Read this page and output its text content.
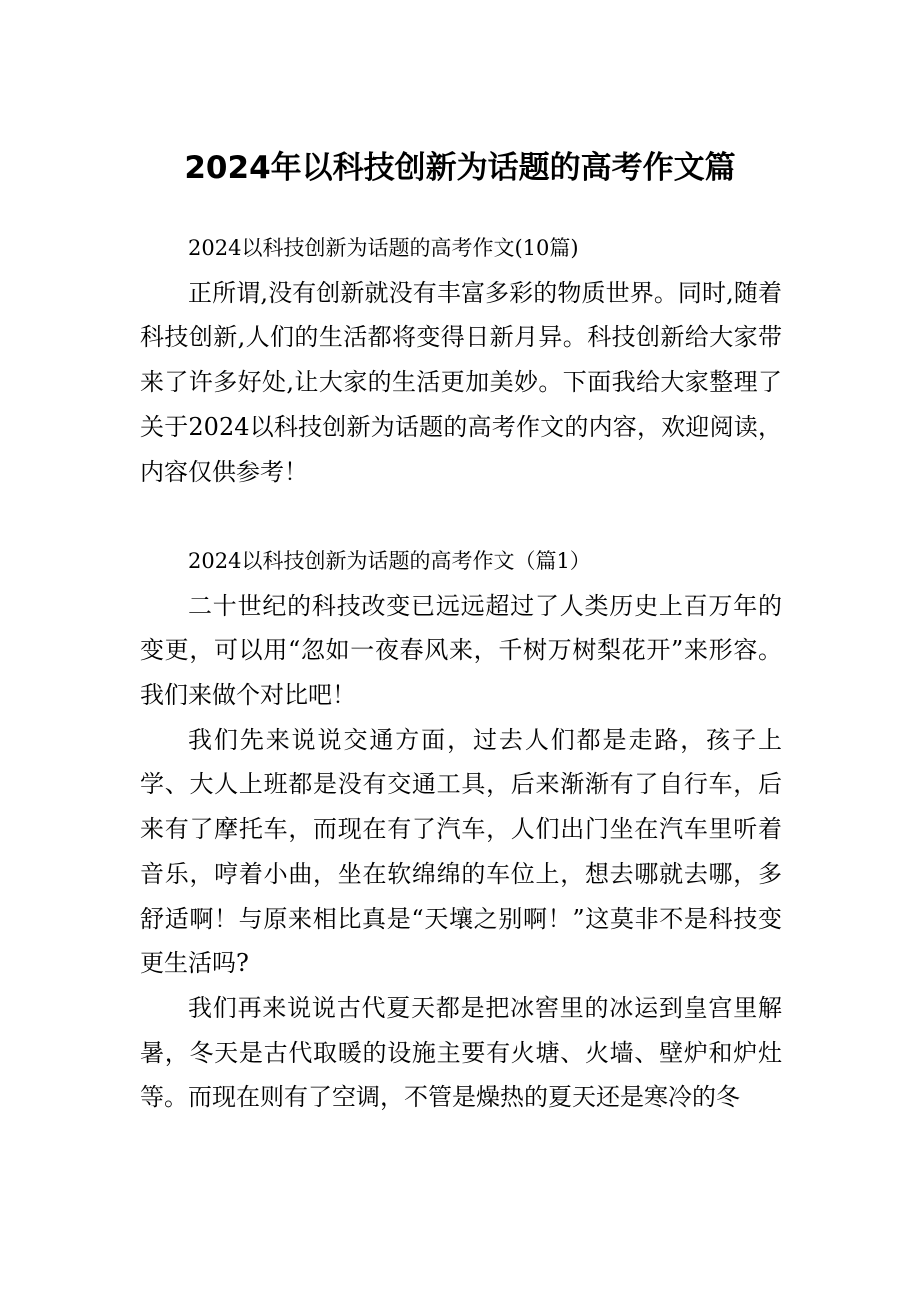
2024年以科技创新为话题的高考作文篇

2024以科技创新为话题的高考作文(10篇)

正所谓,没有创新就没有丰富多彩的物质世界。同时,随着科技创新,人们的生活都将变得日新月异。科技创新给大家带来了许多好处,让大家的生活更加美妙。下面我给大家整理了关于2024以科技创新为话题的高考作文的内容，欢迎阅读，内容仅供参考！

2024以科技创新为话题的高考作文（篇1）

二十世纪的科技改变已远远超过了人类历史上百万年的变更，可以用“忽如一夜春风来，千树万树梨花开”来形容。我们来做个对比吧！

我们先来说说交通方面，过去人们都是走路，孩子上学、大人上班都是没有交通工具，后来渐渐有了自行车，后来有了摩托车，而现在有了汽车，人们出门坐在汽车里听着音乐，哼着小曲，坐在软绵绵的车位上，想去哪就去哪，多舒适啊！与原来相比真是“天壤之别啊！”这莫非不是科技变更生活吗?

我们再来说说古代夏天都是把冰窖里的冰运到皇宫里解暑，冬天是古代取暖的设施主要有火塘、火墙、壁炉和炉灶等。而现在则有了空调，不管是燥热的夏天还是寒冷的冬
